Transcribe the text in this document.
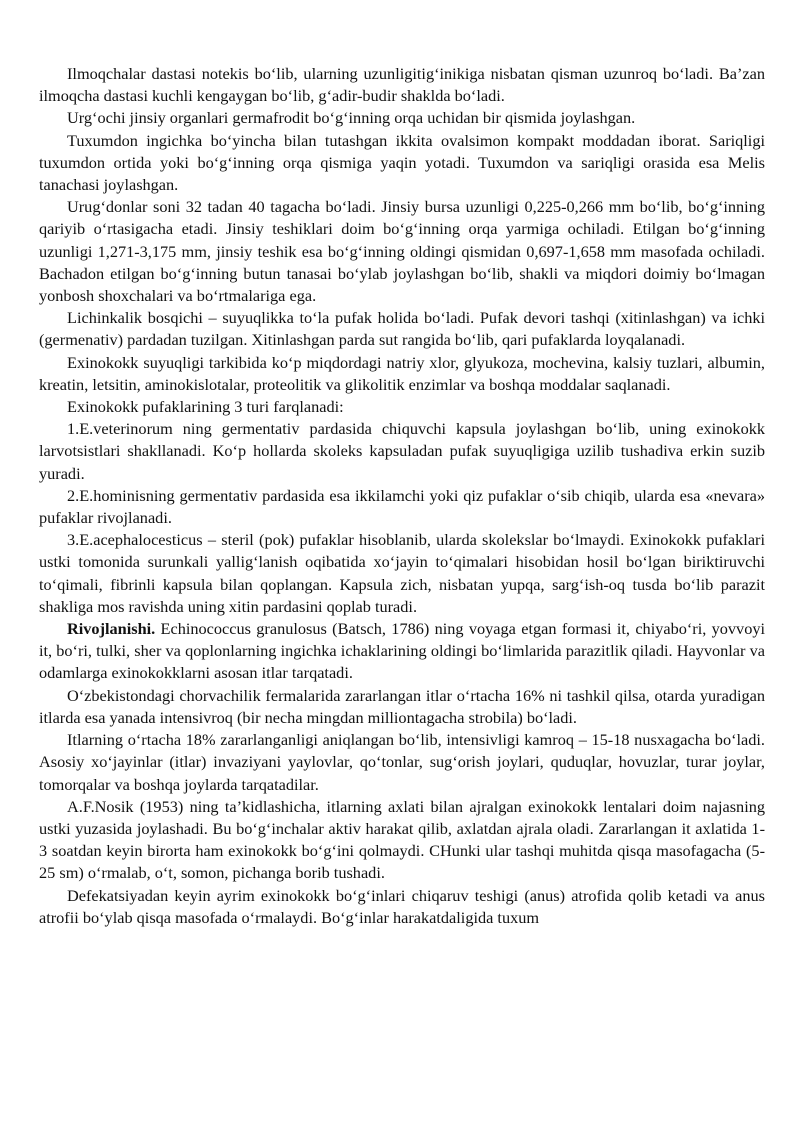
Ilmoqchalar dastasi notekis bo‘lib, ularning uzunligitig‘inikiga nisbatan qisman uzunroq bo‘ladi. Ba’zan ilmoqcha dastasi kuchli kengaygan bo‘lib, g‘adir-budir shaklda bo‘ladi.

Urg‘ochi jinsiy organlari germafrodit bo‘g‘inning orqa uchidan bir qismida joylashgan.

Tuxumdon ingichka bo‘yincha bilan tutashgan ikkita ovalsimon kompakt moddadan iborat. Sariqligi tuxumdon ortida yoki bo‘g‘inning orqa qismiga yaqin yotadi. Tuxumdon va sariqligi orasida esa Melis tanachasi joylashgan.

Urug‘donlar soni 32 tadan 40 tagacha bo‘ladi. Jinsiy bursa uzunligi 0,225-0,266 mm bo‘lib, bo‘g‘inning qariyib o‘rtasigacha etadi. Jinsiy teshiklari doim bo‘g‘inning orqa yarmiga ochiladi. Etilgan bo‘g‘inning uzunligi 1,271-3,175 mm, jinsiy teshik esa bo‘g‘inning oldingi qismidan 0,697-1,658 mm masofada ochiladi. Bachadon etilgan bo‘g‘inning butun tanasai bo‘ylab joylashgan bo‘lib, shakli va miqdori doimiy bo‘lmagan yonbosh shoxchalari va bo‘rtmalariga ega.

Lichinkalik bosqichi – suyuqlikka to‘la pufak holida bo‘ladi. Pufak devori tashqi (xitinlashgan) va ichki (germenativ) pardadan tuzilgan. Xitinlashgan parda sut rangida bo‘lib, qari pufaklarda loyqalanadi.

Exinokokk suyuqligi tarkibida ko‘p miqdordagi natriy xlor, glyukoza, mochevina, kalsiy tuzlari, albumin, kreatin, letsitin, aminokislotalar, proteolitik va glikolitik enzimlar va boshqa moddalar saqlanadi.

Exinokokk pufaklarining 3 turi farqlanadi:

1.E.veterinorum ning germentativ pardasida chiquvchi kapsula joylashgan bo‘lib, uning exinokokk larvotsistlari shakllanadi. Ko‘p hollarda skoleks kapsuladan pufak suyuqligiga uzilib tushadiva erkin suzib yuradi.

2.E.hominisning germentativ pardasida esa ikkilamchi yoki qiz pufaklar o‘sib chiqib, ularda esa «nevara» pufaklar rivojlanadi.

3.E.acephalocesticus – steril (pok) pufaklar hisoblanib, ularda skolekslar bo‘lmaydi. Exinokokk pufaklari ustki tomonida surunkali yallig‘lanish oqibatida xo‘jayin to‘qimalari hisobidan hosil bo‘lgan biriktiruvchi to‘qimali, fibrinli kapsula bilan qoplangan. Kapsula zich, nisbatan yupqa, sarg‘ish-oq tusda bo‘lib parazit shakliga mos ravishda uning xitin pardasini qoplab turadi.

Rivojlanishi. Echinococcus granulosus (Batsch, 1786) ning voyaga etgan formasi it, chiyabo‘ri, yovvoyi it, bo‘ri, tulki, sher va qoplonlarning ingichka ichaklarining oldingi bo‘limlarida parazitlik qiladi. Hayvonlar va odamlarga exinokokklarni asosan itlar tarqatadi.

O‘zbekistondagi chorvachilik fermalarida zararlangan itlar o‘rtacha 16% ni tashkil qilsa, otarda yuradigan itlarda esa yanada intensivroq (bir necha mingdan milliontagacha strobila) bo‘ladi.

Itlarning o‘rtacha 18% zararlanganligi aniqlangan bo‘lib, intensivligi kamroq – 15-18 nusxagacha bo‘ladi. Asosiy xo‘jayinlar (itlar) invaziyani yaylovlar, qo‘tonlar, sug‘orish joylari, quduqlar, hovuzlar, turar joylar, tomorqalar va boshqa joylarda tarqatadilar.

A.F.Nosik (1953) ning ta’kidlashicha, itlarning axlati bilan ajralgan exinokokk lentalari doim najasning ustki yuzasida joylashadi. Bu bo‘g‘inchalar aktiv harakat qilib, axlatdan ajrala oladi. Zararlangan it axlatida 1-3 soatdan keyin birorta ham exinokokk bo‘g‘ini qolmaydi. CHunki ular tashqi muhitda qisqa masofagacha (5-25 sm) o‘rmalab, o‘t, somon, pichanga borib tushadi.

Defekatsiyadan keyin ayrim exinokokk bo‘g‘inlari chiqaruv teshigi (anus) atrofida qolib ketadi va anus atrofii bo‘ylab qisqa masofada o‘rmalaydi. Bo‘g‘inlar harakatdaligida tuxum
